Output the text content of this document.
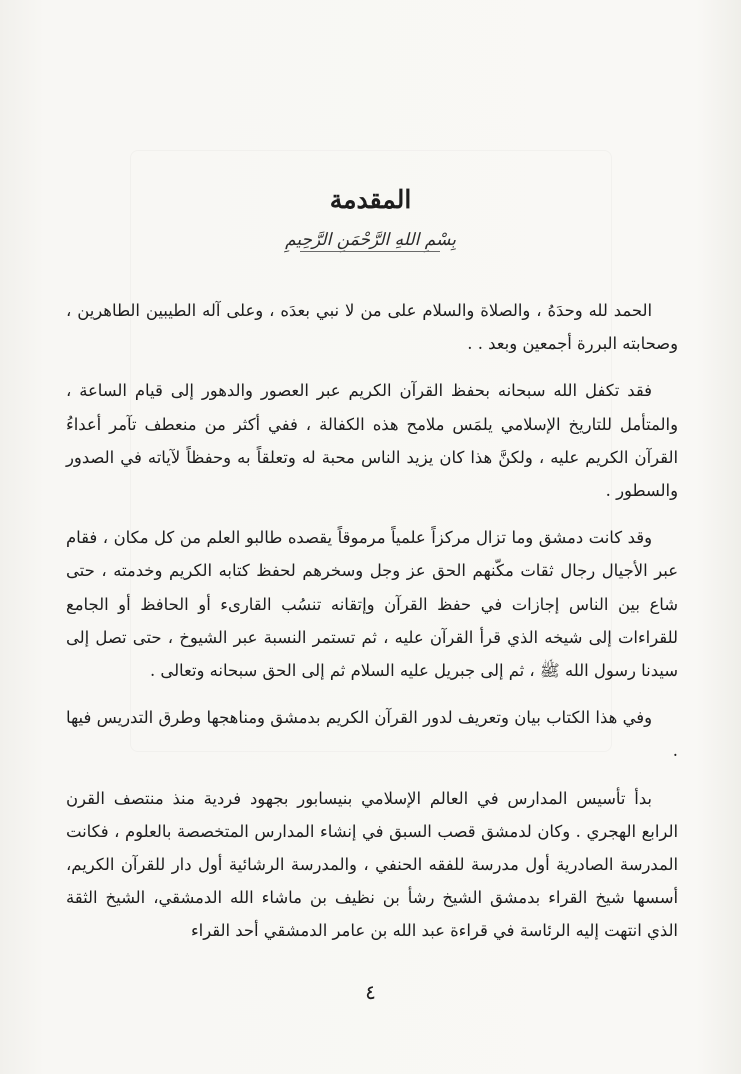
المقدمة
بِسْمِ اللهِ الرَّحْمَنِ الرَّحِيمِ

الحمد لله وحدَهُ ، والصلاة والسلام على من لا نبي بعدَه ، وعلى آله الطيبين الطاهرين ، وصحابته البررة أجمعين وبعد . .

فقد تكفل الله سبحانه بحفظ القرآن الكريم عبر العصور والدهور إلى قيام الساعة ، والمتأمل للتاريخ الإسلامي يلمَس ملامح هذه الكفالة ، ففي أكثر من منعطف تآمر أعداءُ القرآن الكريم عليه ، ولكنَّ هذا كان يزيد الناس محبة له وتعلقاً به وحفظاً لآياته في الصدور والسطور .

وقد كانت دمشق وما تزال مركزاً علمياً مرموقاً يقصده طالبو العلم من كل مكان ، فقام عبر الأجيال رجال ثقات مكّنهم الحق عز وجل وسخرهم لحفظ كتابه الكريم وخدمته ، حتى شاع بين الناس إجازات في حفظ القرآن وإتقانه تنسُب القارىء أو الحافظ أو الجامع للقراءات إلى شيخه الذي قرأ القرآن عليه ، ثم تستمر النسبة عبر الشيوخ ، حتى تصل إلى سيدنا رسول الله ﷺ ، ثم إلى جبريل عليه السلام ثم إلى الحق سبحانه وتعالى .

وفي هذا الكتاب بيان وتعريف لدور القرآن الكريم بدمشق ومناهجها وطرق التدريس فيها .

بدأ تأسيس المدارس في العالم الإسلامي بنيسابور بجهود فردية منذ منتصف القرن الرابع الهجري . وكان لدمشق قصب السبق في إنشاء المدارس المتخصصة بالعلوم ، فكانت المدرسة الصادرية أول مدرسة للفقه الحنفي ، والمدرسة الرشائية أول دار للقرآن الكريم، أسسها شيخ القراء بدمشق الشيخ رشأ بن نظيف بن ماشاء الله الدمشقي، الشيخ الثقة الذي انتهت إليه الرئاسة في قراءة عبد الله بن عامر الدمشقي أحد القراء

٤
